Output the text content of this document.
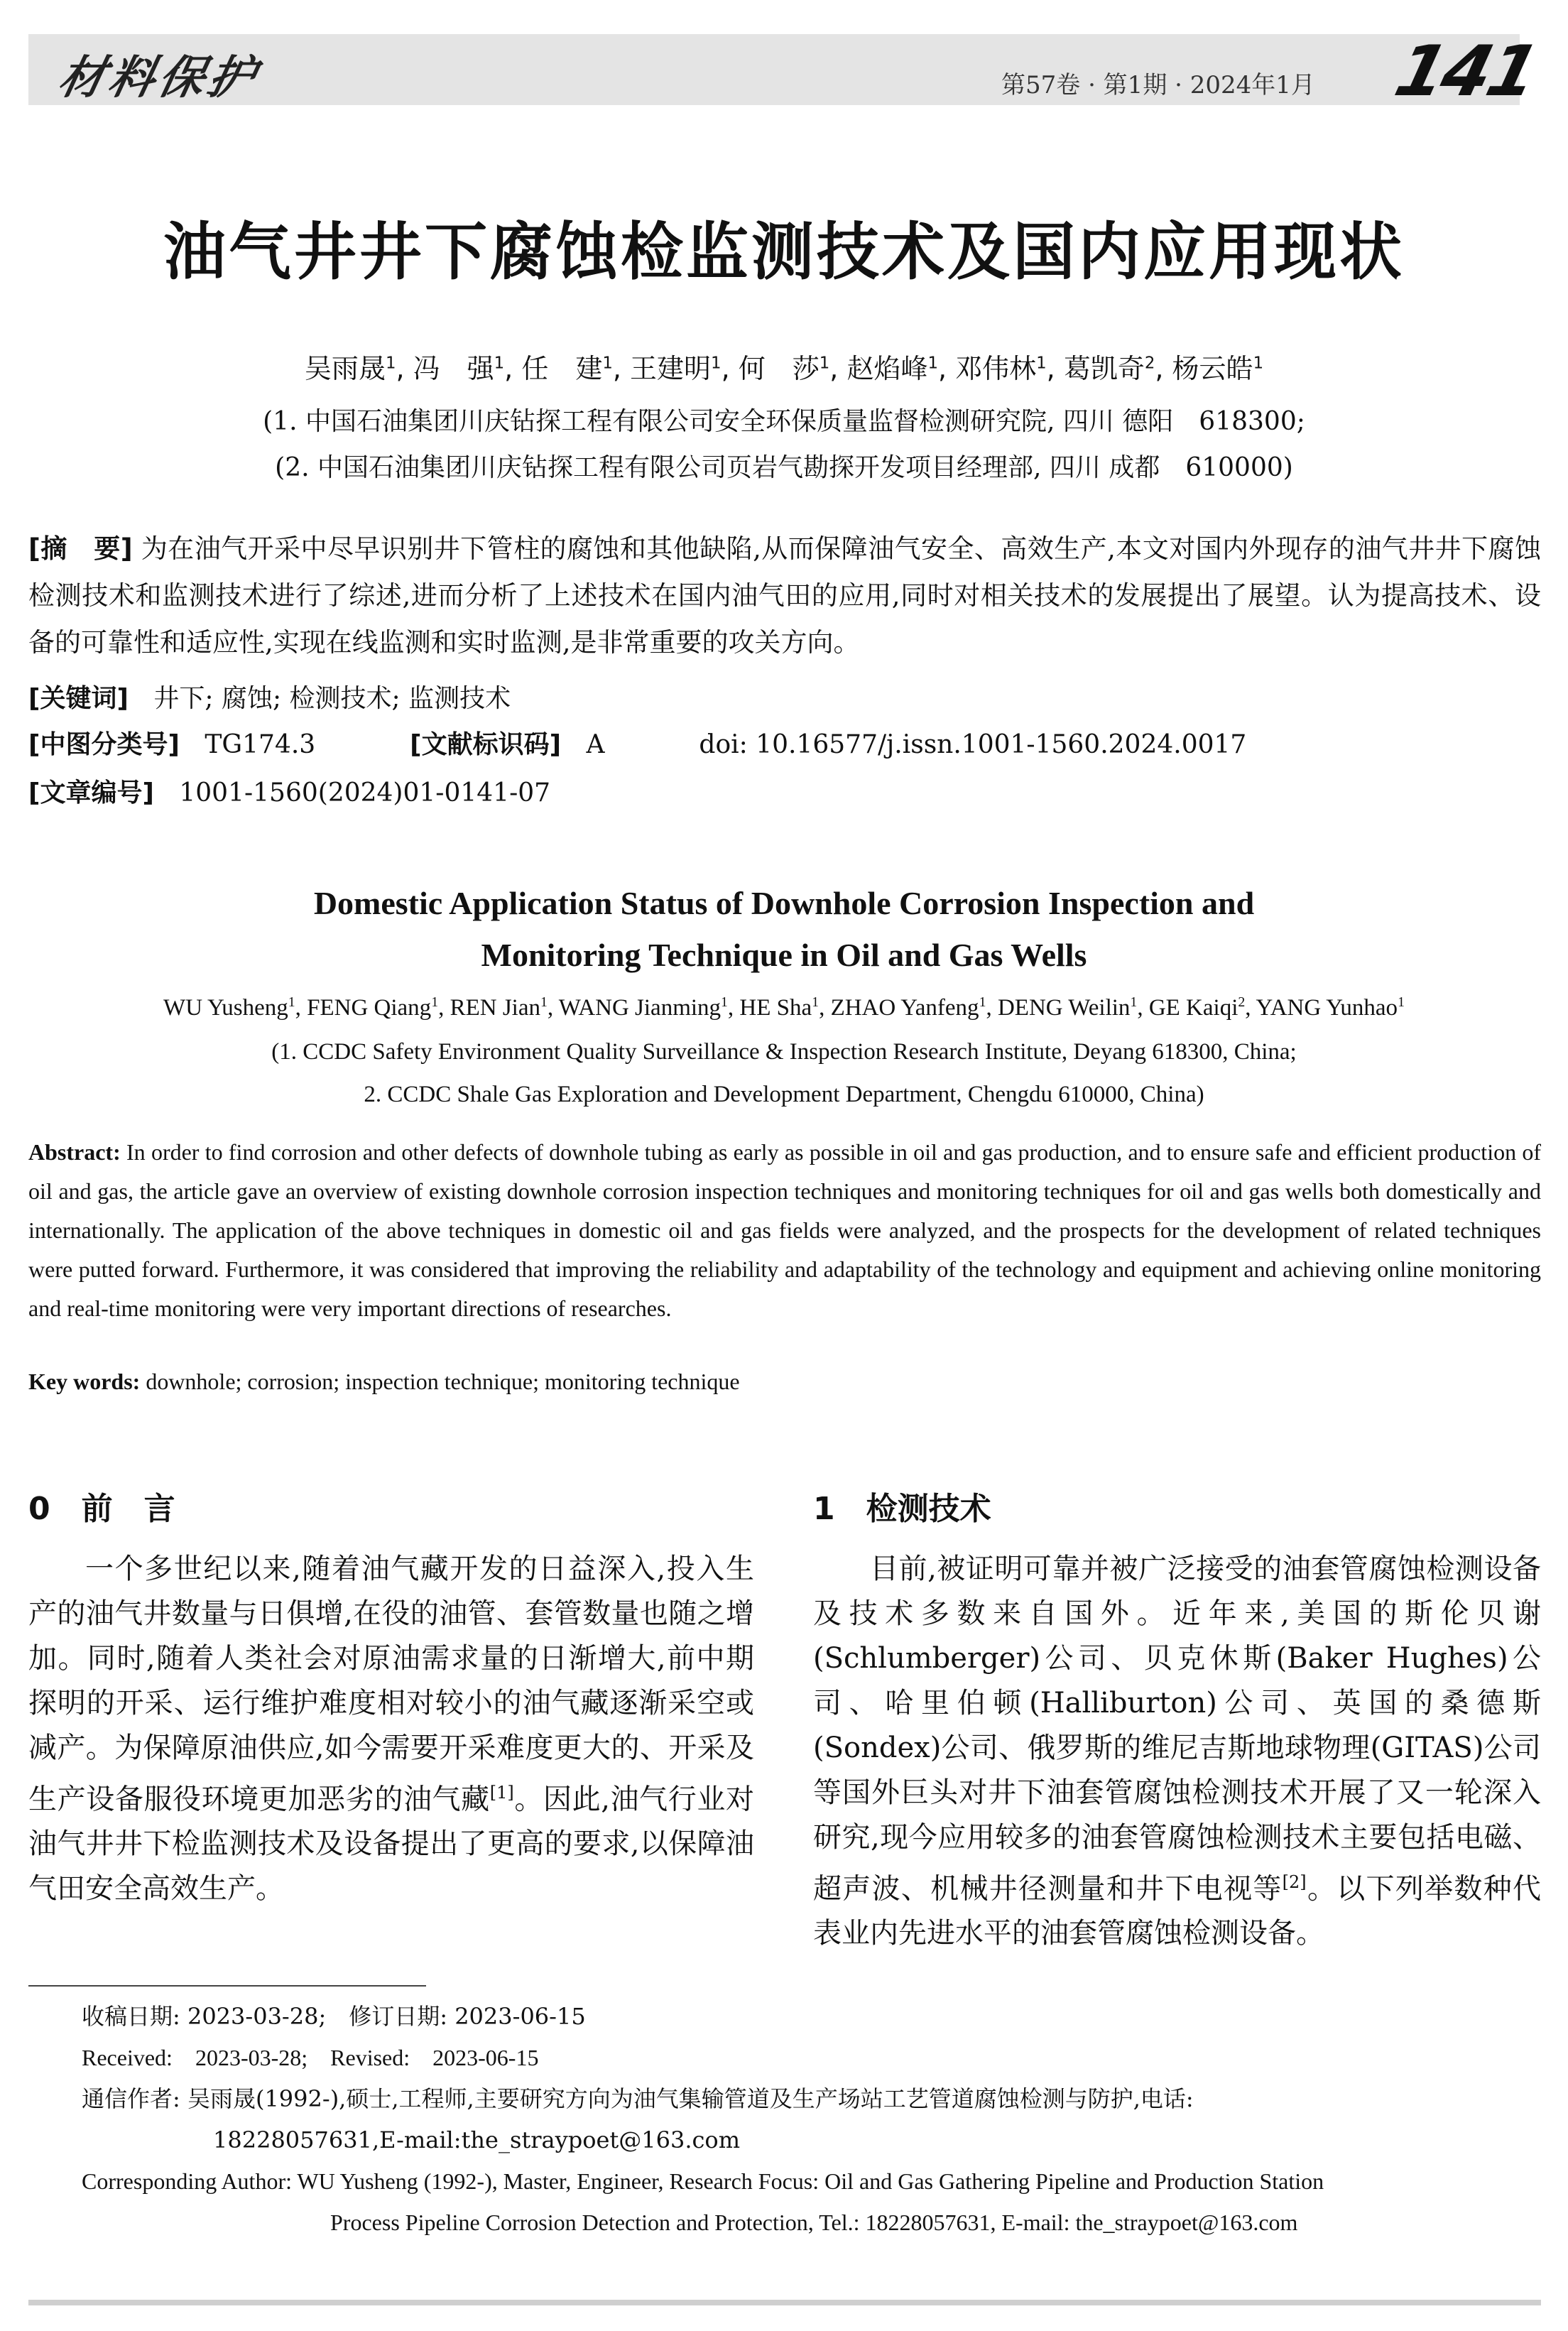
材料保护	第57卷 · 第1期 · 2024年1月 141
油气井井下腐蚀检监测技术及国内应用现状
吴雨晟$^1$, 冯　强$^1$, 任　建$^1$, 王建明$^1$, 何　莎$^1$, 赵焰峰$^1$, 邓伟林$^1$, 葛凯奇$^2$, 杨云皓$^1$
(1. 中国石油集团川庆钻探工程有限公司安全环保质量监督检测研究院, 四川 德阳　618300;
(2. 中国石油集团川庆钻探工程有限公司页岩气勘探开发项目经理部, 四川 成都　610000)
[摘　要] 为在油气开采中尽早识别井下管柱的腐蚀和其他缺陷,从而保障油气安全、高效生产,本文对国内外现存的油气井井下腐蚀检测技术和监测技术进行了综述,进而分析了上述技术在国内油气田的应用,同时对相关技术的发展提出了展望。认为提高技术、设备的可靠性和适应性,实现在线监测和实时监测,是非常重要的攻关方向。
[关键词] 井下; 腐蚀; 检测技术; 监测技术
[中图分类号] TG174.3	[文献标识码] A	doi: 10.16577/j.issn.1001-1560.2024.0017
[文章编号] 1001-1560(2024)01-0141-07
Domestic Application Status of Downhole Corrosion Inspection and
Monitoring Technique in Oil and Gas Wells
WU Yusheng$^1$, FENG Qiang$^1$, REN Jian$^1$, WANG Jianming$^1$, HE Sha$^1$, ZHAO Yanfeng$^1$, DENG Weilin$^1$, GE Kaiqi$^2$, YANG Yunhao$^1$
(1. CCDC Safety Environment Quality Surveillance & Inspection Research Institute, Deyang 618300, China;
2. CCDC Shale Gas Exploration and Development Department, Chengdu 610000, China)
Abstract: In order to find corrosion and other defects of downhole tubing as early as possible in oil and gas production, and to ensure safe and efficient production of oil and gas, the article gave an overview of existing downhole corrosion inspection techniques and monitoring techniques for oil and gas wells both domestically and internationally. The application of the above techniques in domestic oil and gas fields were analyzed, and the prospects for the development of related techniques were putted forward. Furthermore, it was considered that improving the reliability and adaptability of the technology and equipment and achieving online monitoring and real-time monitoring were very important directions of researches.
Key words: downhole; corrosion; inspection technique; monitoring technique
0　前　言

一个多世纪以来,随着油气藏开发的日益深入,投入生产的油气井数量与日俱增,在役的油管、套管数量也随之增加。同时,随着人类社会对原油需求量的日渐增大,前中期探明的开采、运行维护难度相对较小的油气藏逐渐采空或减产。为保障原油供应,如今需要开采难度更大的、开采及生产设备服役环境更加恶劣的油气藏[1]。因此,油气行业对油气井井下检监测技术及设备提出了更高的要求,以保障油气田安全高效生产。

1　检测技术

目前,被证明可靠并被广泛接受的油套管腐蚀检测设备及技术多数来自国外。近年来,美国的斯伦贝谢(Schlumberger)公司、贝克休斯(Baker Hughes)公司、哈里伯顿(Halliburton)公司、英国的桑德斯(Sondex)公司、俄罗斯的维尼吉斯地球物理(GITAS)公司等国外巨头对井下油套管腐蚀检测技术开展了又一轮深入研究,现今应用较多的油套管腐蚀检测技术主要包括电磁、超声波、机械井径测量和井下电视等[2]。以下列举数种代表业内先进水平的油套管腐蚀检测设备。

收稿日期: 2023-03-28;　修订日期: 2023-06-15
Received:　2023-03-28;　Revised:　2023-06-15
通信作者: 吴雨晟(1992-),硕士,工程师,主要研究方向为油气集输管道及生产场站工艺管道腐蚀检测与防护,电话:
18228057631,E-mail:the_straypoet@163.com
Corresponding Author: WU Yusheng (1992-), Master, Engineer, Research Focus: Oil and Gas Gathering Pipeline and Production Station
Process Pipeline Corrosion Detection and Protection, Tel.: 18228057631, E-mail: the_straypoet@163.com
